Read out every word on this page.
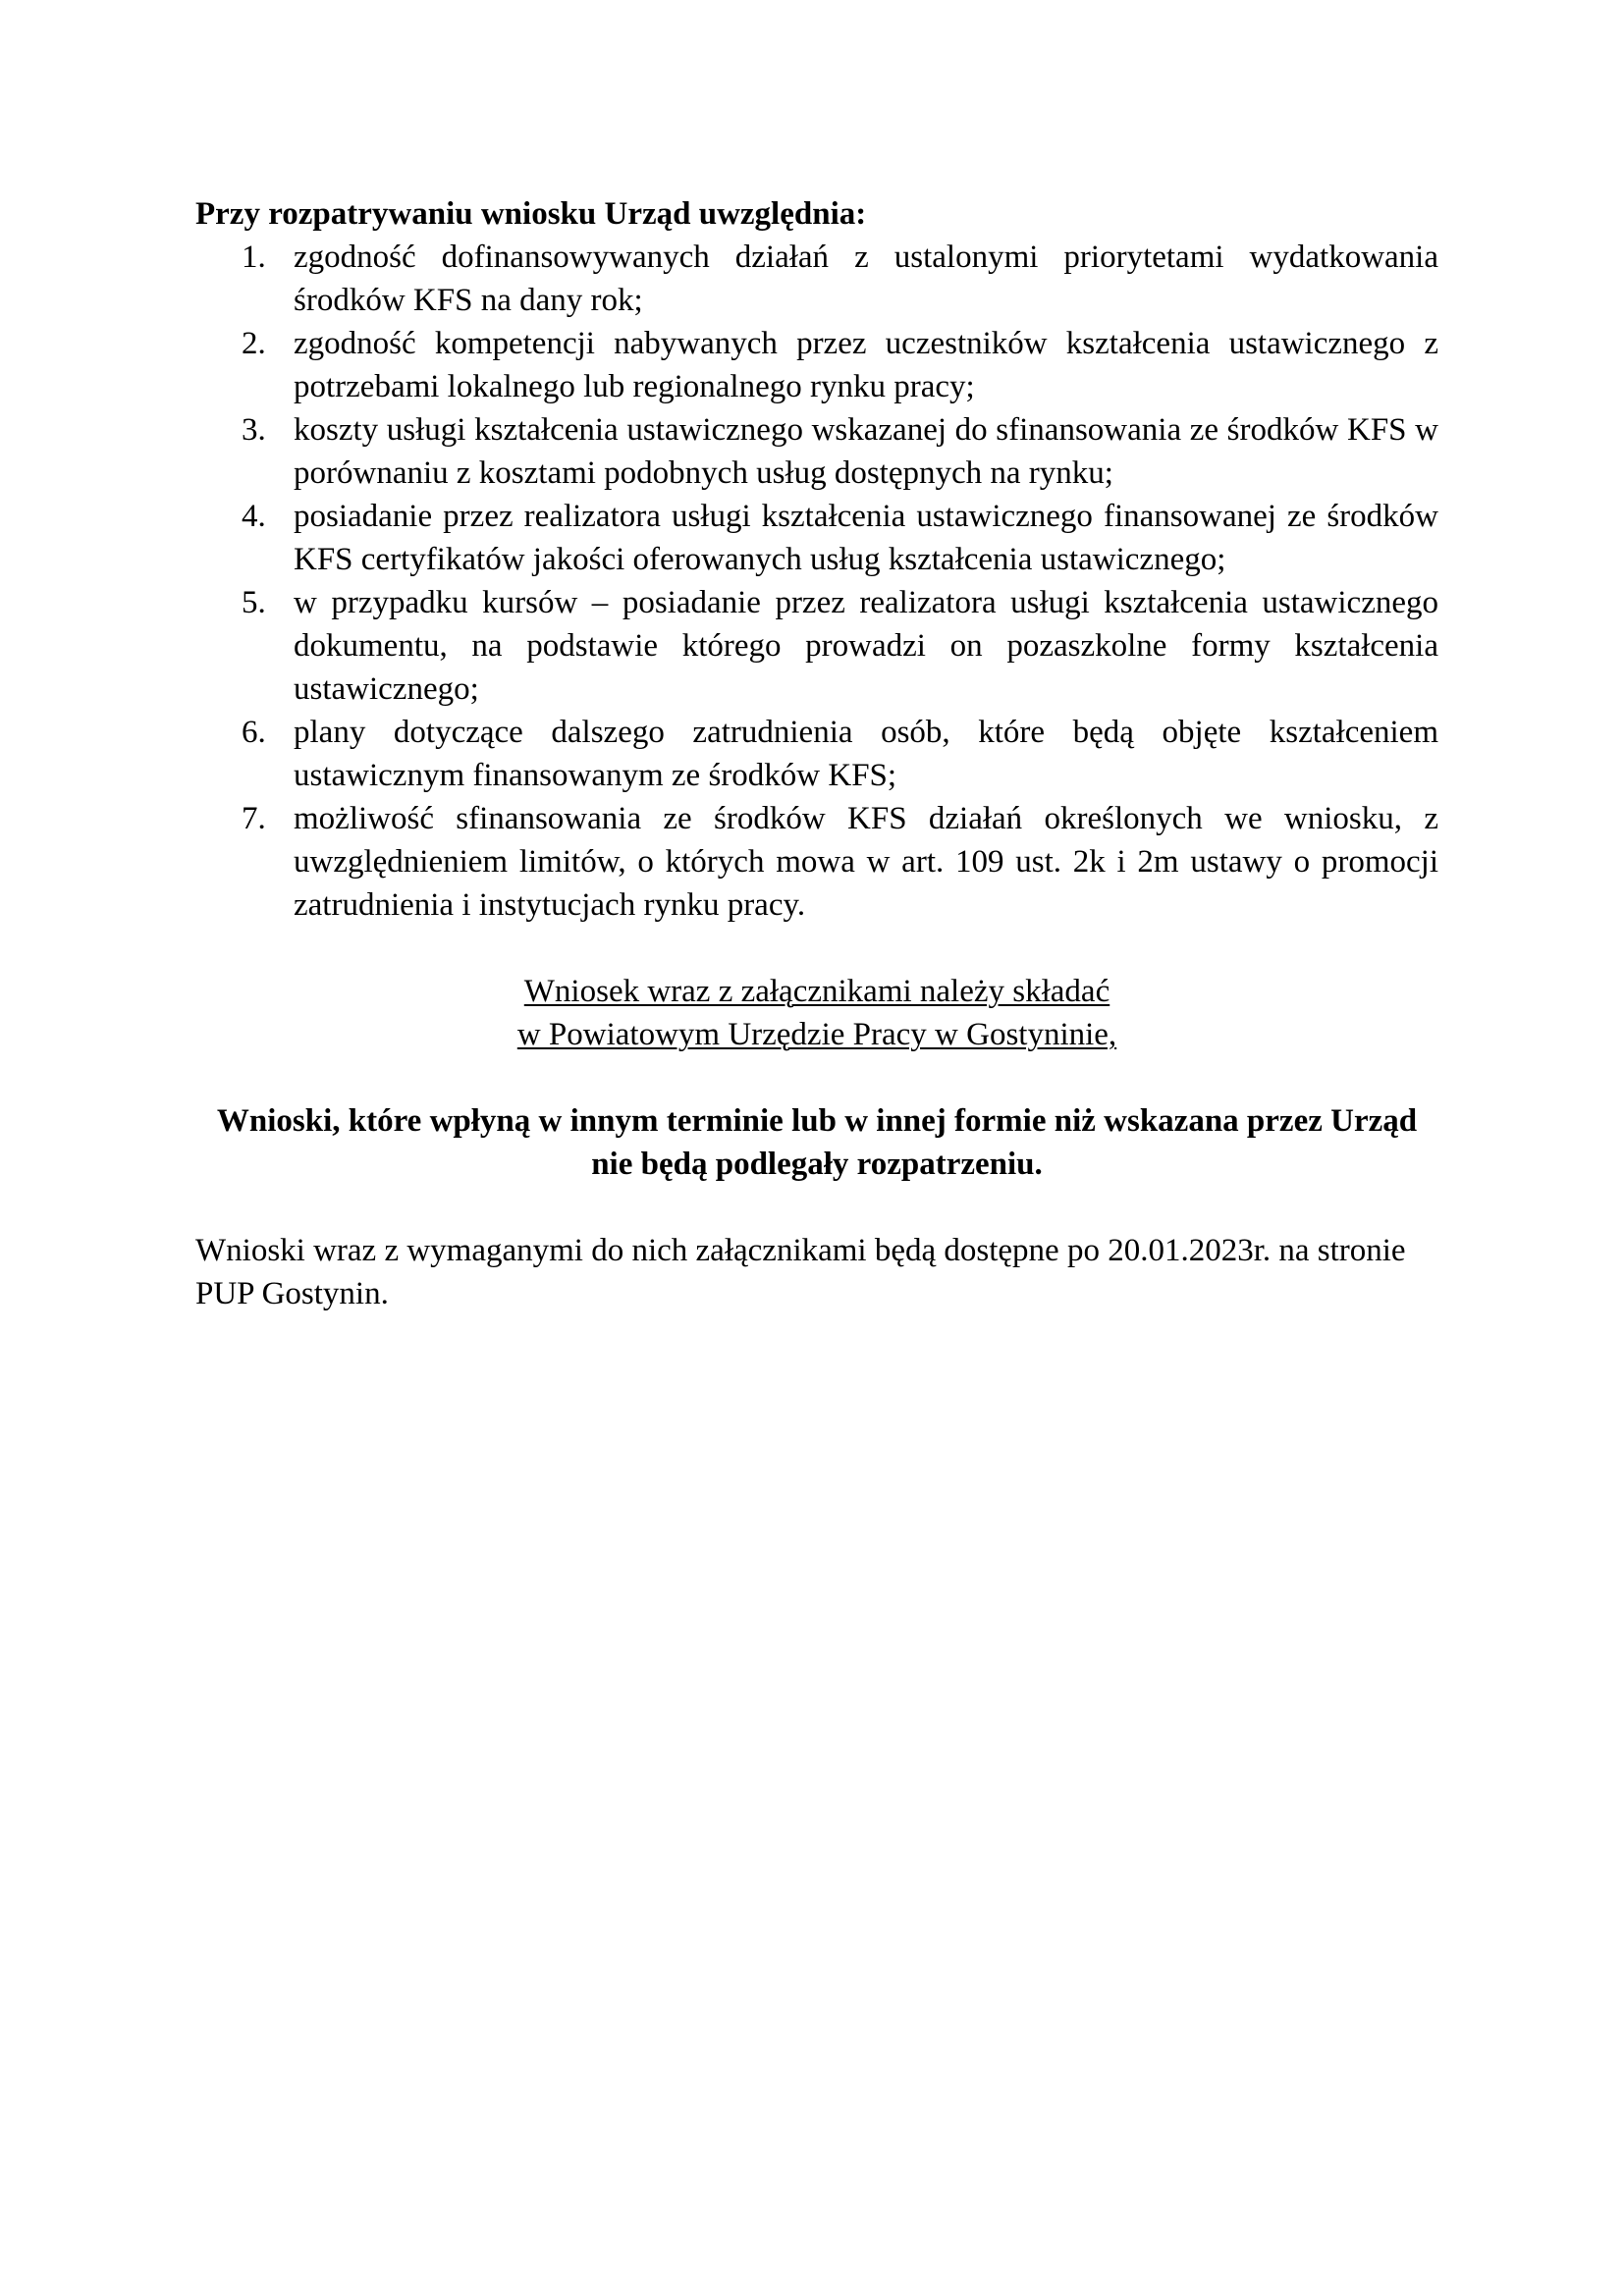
Przy rozpatrywaniu wniosku Urząd uwzględnia:

1. zgodność dofinansowywanych działań z ustalonymi priorytetami wydatkowania środków KFS na dany rok;
2. zgodność kompetencji nabywanych przez uczestników kształcenia ustawicznego z potrzebami lokalnego lub regionalnego rynku pracy;
3. koszty usługi kształcenia ustawicznego wskazanej do sfinansowania ze środków KFS w porównaniu z kosztami podobnych usług dostępnych na rynku;
4. posiadanie przez realizatora usługi kształcenia ustawicznego finansowanej ze środków KFS certyfikatów jakości oferowanych usług kształcenia ustawicznego;
5. w przypadku kursów – posiadanie przez realizatora usługi kształcenia ustawicznego dokumentu, na podstawie którego prowadzi on pozaszkolne formy kształcenia ustawicznego;
6. plany dotyczące dalszego zatrudnienia osób, które będą objęte kształceniem ustawicznym finansowanym ze środków KFS;
7. możliwość sfinansowania ze środków KFS działań określonych we wniosku, z uwzględnieniem limitów, o których mowa w art. 109 ust. 2k i 2m ustawy o promocji zatrudnienia i instytucjach rynku pracy.
Wniosek wraz z załącznikami należy składać
w Powiatowym Urzędzie Pracy w Gostyninie,
Wnioski, które wpłyną w innym terminie lub w innej formie niż wskazana przez Urząd
nie będą podlegały rozpatrzeniu.

Wnioski wraz z wymaganymi do nich załącznikami będą dostępne po 20.01.2023r. na stronie PUP Gostynin.
